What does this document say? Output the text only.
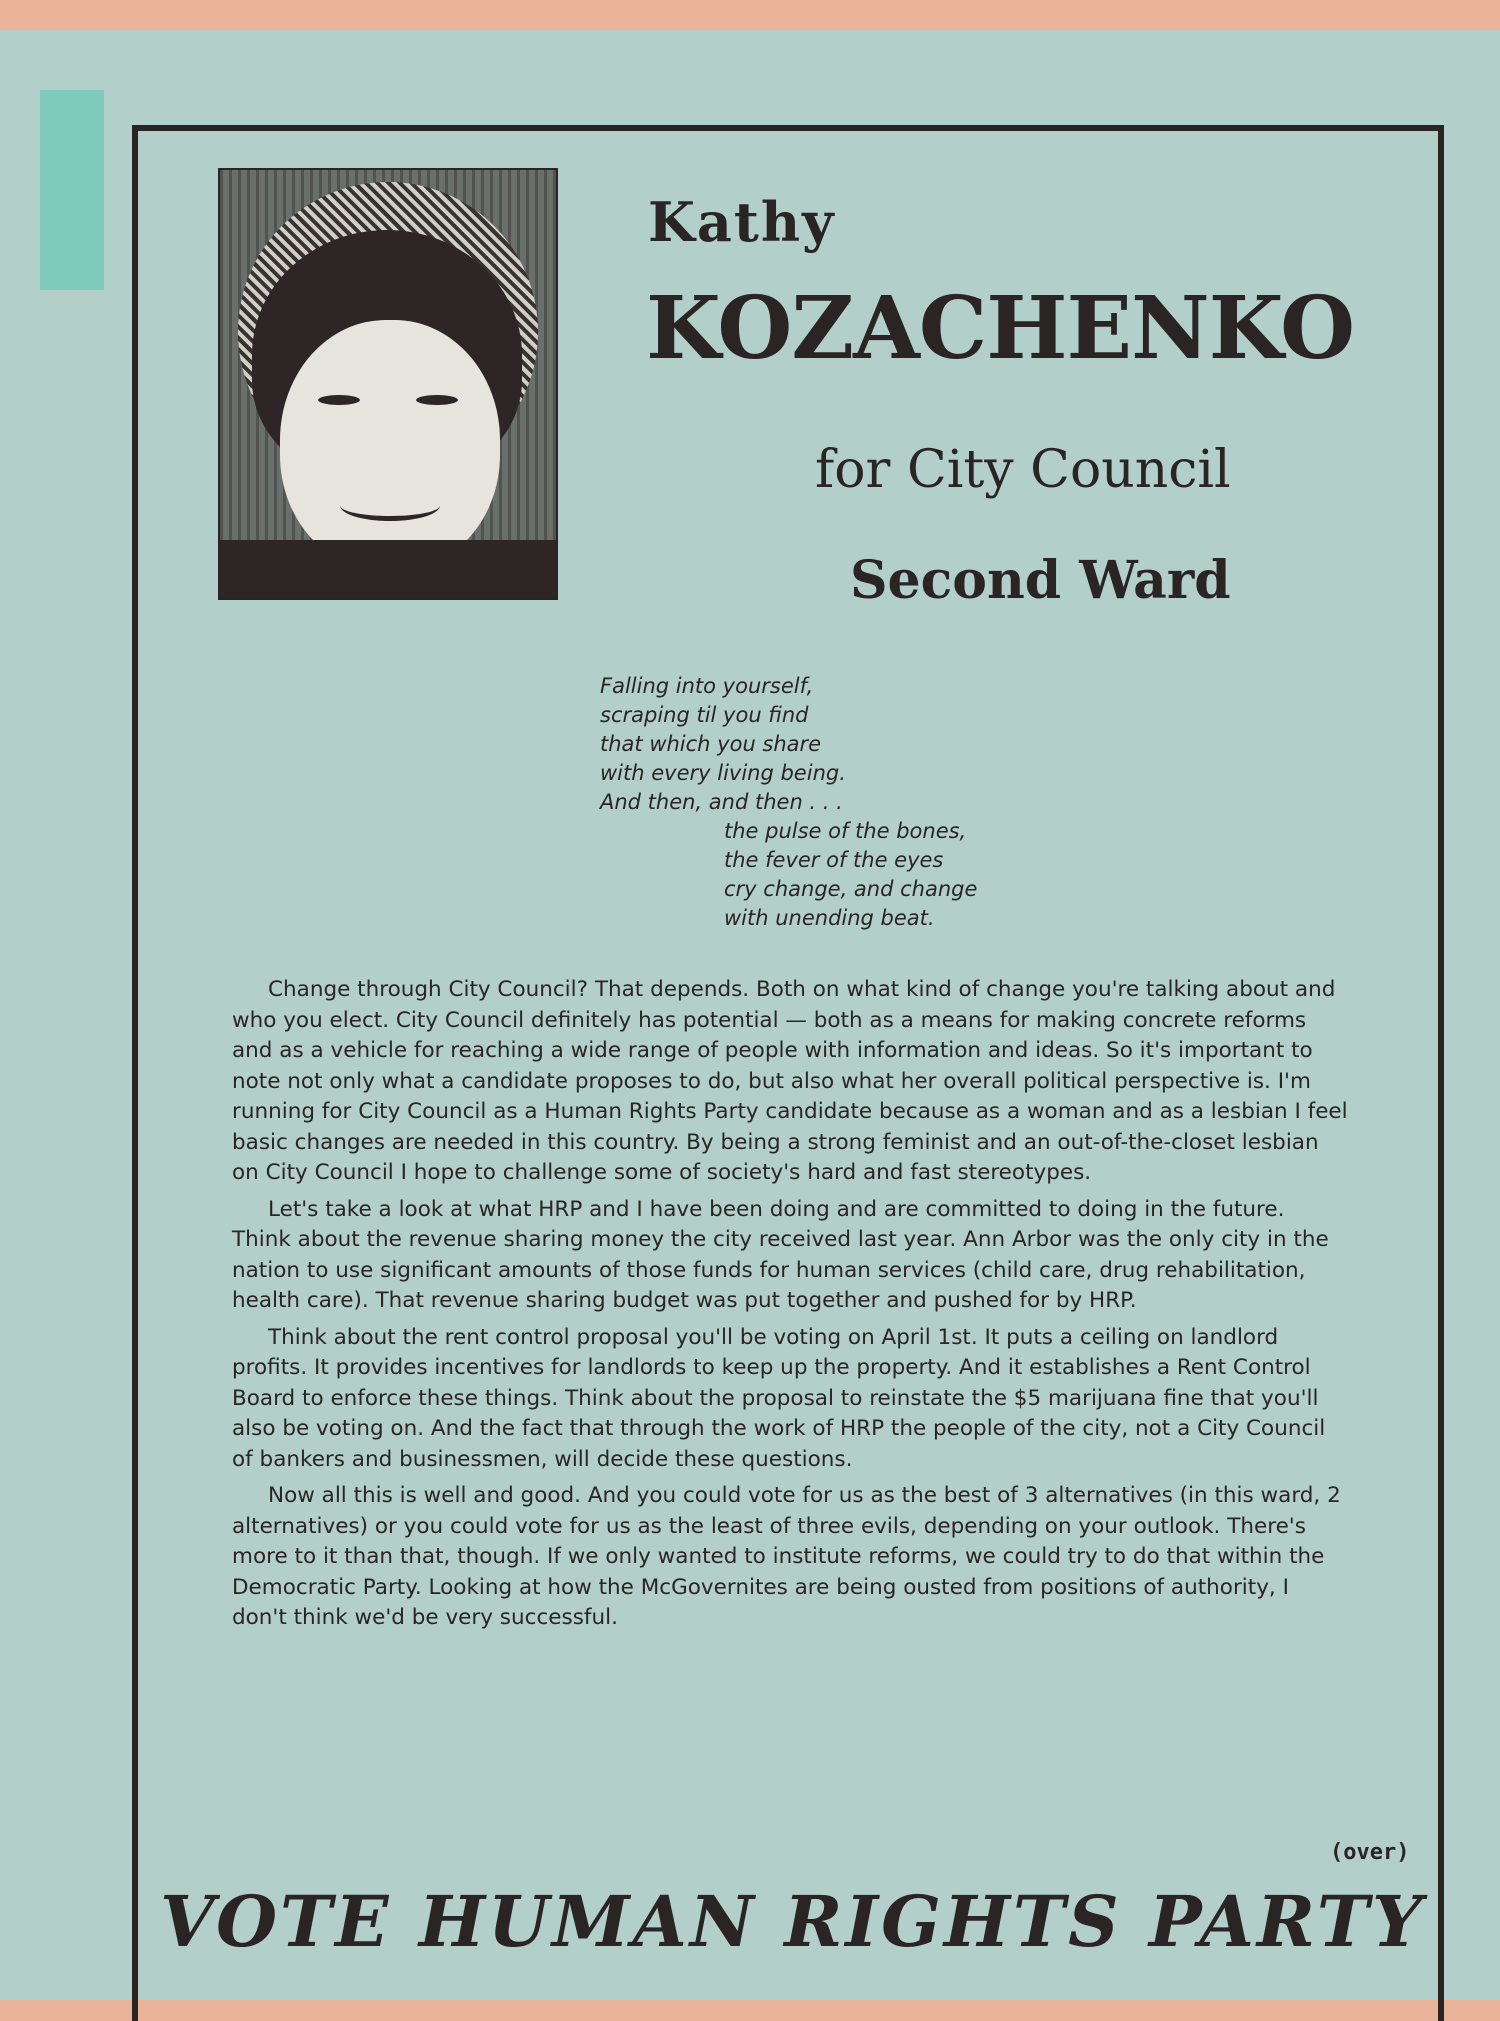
Kathy
KOZACHENKO
for City Council
Second Ward
Falling into yourself,
scraping til you find
that which you share
with every living being.
And then, and then . . .
the pulse of the bones,
the fever of the eyes
cry change, and change
with unending beat.

Change through City Council? That depends. Both on what kind of change you're talking about and who you elect. City Council definitely has potential — both as a means for making concrete reforms and as a vehicle for reaching a wide range of people with information and ideas. So it's important to note not only what a candidate proposes to do, but also what her overall political perspective is. I'm running for City Council as a Human Rights Party candidate because as a woman and as a lesbian I feel basic changes are needed in this country. By being a strong feminist and an out-of-the-closet lesbian on City Council I hope to challenge some of society's hard and fast stereotypes.

Let's take a look at what HRP and I have been doing and are committed to doing in the future. Think about the revenue sharing money the city received last year. Ann Arbor was the only city in the nation to use significant amounts of those funds for human services (child care, drug rehabilitation, health care). That revenue sharing budget was put together and pushed for by HRP.

Think about the rent control proposal you'll be voting on April 1st. It puts a ceiling on landlord profits. It provides incentives for landlords to keep up the property. And it establishes a Rent Control Board to enforce these things. Think about the proposal to reinstate the $5 marijuana fine that you'll also be voting on. And the fact that through the work of HRP the people of the city, not a City Council of bankers and businessmen, will decide these questions.

Now all this is well and good. And you could vote for us as the best of 3 alternatives (in this ward, 2 alternatives) or you could vote for us as the least of three evils, depending on your outlook. There's more to it than that, though. If we only wanted to institute reforms, we could try to do that within the Democratic Party. Looking at how the McGovernites are being ousted from positions of authority, I don't think we'd be very successful.

(over)
VOTE HUMAN RIGHTS PARTY
